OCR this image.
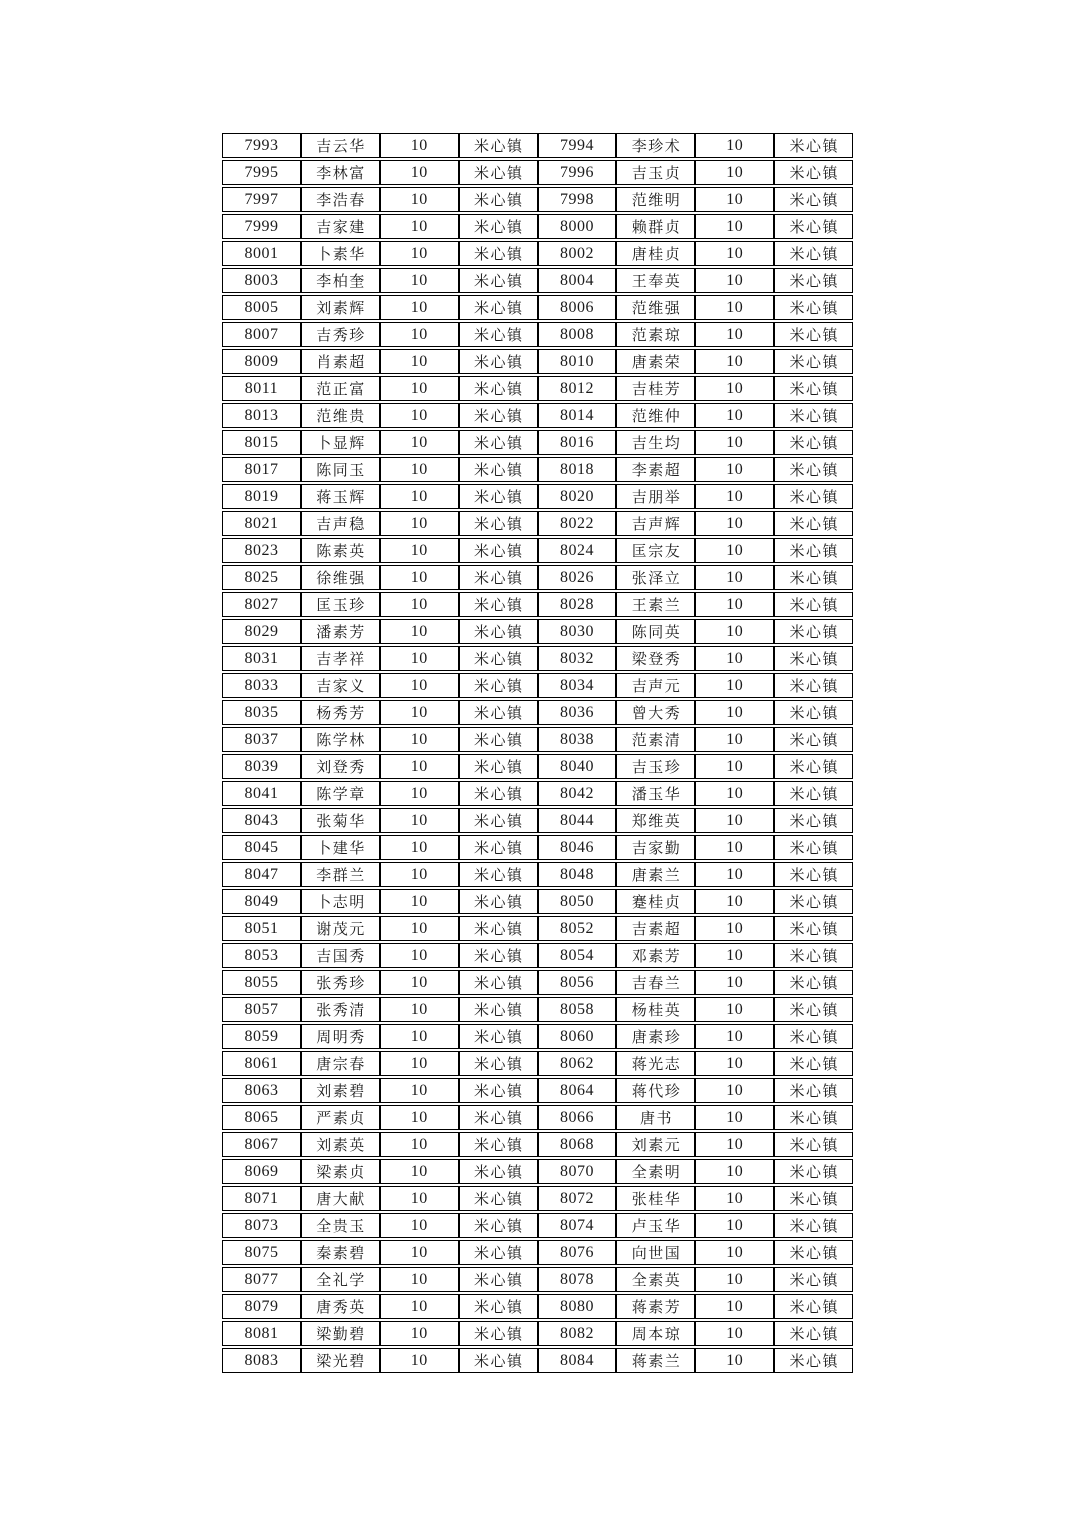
7993	吉云华	10	米心镇	7994	李珍术	10	米心镇
7995	李林富	10	米心镇	7996	吉玉贞	10	米心镇
7997	李浩春	10	米心镇	7998	范维明	10	米心镇
7999	吉家建	10	米心镇	8000	赖群贞	10	米心镇
8001	卜素华	10	米心镇	8002	唐桂贞	10	米心镇
8003	李柏奎	10	米心镇	8004	王奉英	10	米心镇
8005	刘素辉	10	米心镇	8006	范维强	10	米心镇
8007	吉秀珍	10	米心镇	8008	范素琼	10	米心镇
8009	肖素超	10	米心镇	8010	唐素荣	10	米心镇
8011	范正富	10	米心镇	8012	吉桂芳	10	米心镇
8013	范维贵	10	米心镇	8014	范维仲	10	米心镇
8015	卜显辉	10	米心镇	8016	吉生均	10	米心镇
8017	陈同玉	10	米心镇	8018	李素超	10	米心镇
8019	蒋玉辉	10	米心镇	8020	吉朋举	10	米心镇
8021	吉声稳	10	米心镇	8022	吉声辉	10	米心镇
8023	陈素英	10	米心镇	8024	匡宗友	10	米心镇
8025	徐维强	10	米心镇	8026	张泽立	10	米心镇
8027	匡玉珍	10	米心镇	8028	王素兰	10	米心镇
8029	潘素芳	10	米心镇	8030	陈同英	10	米心镇
8031	吉孝祥	10	米心镇	8032	梁登秀	10	米心镇
8033	吉家义	10	米心镇	8034	吉声元	10	米心镇
8035	杨秀芳	10	米心镇	8036	曾大秀	10	米心镇
8037	陈学林	10	米心镇	8038	范素清	10	米心镇
8039	刘登秀	10	米心镇	8040	吉玉珍	10	米心镇
8041	陈学章	10	米心镇	8042	潘玉华	10	米心镇
8043	张菊华	10	米心镇	8044	郑维英	10	米心镇
8045	卜建华	10	米心镇	8046	吉家勤	10	米心镇
8047	李群兰	10	米心镇	8048	唐素兰	10	米心镇
8049	卜志明	10	米心镇	8050	蹇桂贞	10	米心镇
8051	谢茂元	10	米心镇	8052	吉素超	10	米心镇
8053	吉国秀	10	米心镇	8054	邓素芳	10	米心镇
8055	张秀珍	10	米心镇	8056	吉春兰	10	米心镇
8057	张秀清	10	米心镇	8058	杨桂英	10	米心镇
8059	周明秀	10	米心镇	8060	唐素珍	10	米心镇
8061	唐宗春	10	米心镇	8062	蒋光志	10	米心镇
8063	刘素碧	10	米心镇	8064	蒋代珍	10	米心镇
8065	严素贞	10	米心镇	8066	唐书	10	米心镇
8067	刘素英	10	米心镇	8068	刘素元	10	米心镇
8069	梁素贞	10	米心镇	8070	全素明	10	米心镇
8071	唐大献	10	米心镇	8072	张桂华	10	米心镇
8073	全贵玉	10	米心镇	8074	卢玉华	10	米心镇
8075	秦素碧	10	米心镇	8076	向世国	10	米心镇
8077	全礼学	10	米心镇	8078	全素英	10	米心镇
8079	唐秀英	10	米心镇	8080	蒋素芳	10	米心镇
8081	梁勤碧	10	米心镇	8082	周本琼	10	米心镇
8083	梁光碧	10	米心镇	8084	蒋素兰	10	米心镇
